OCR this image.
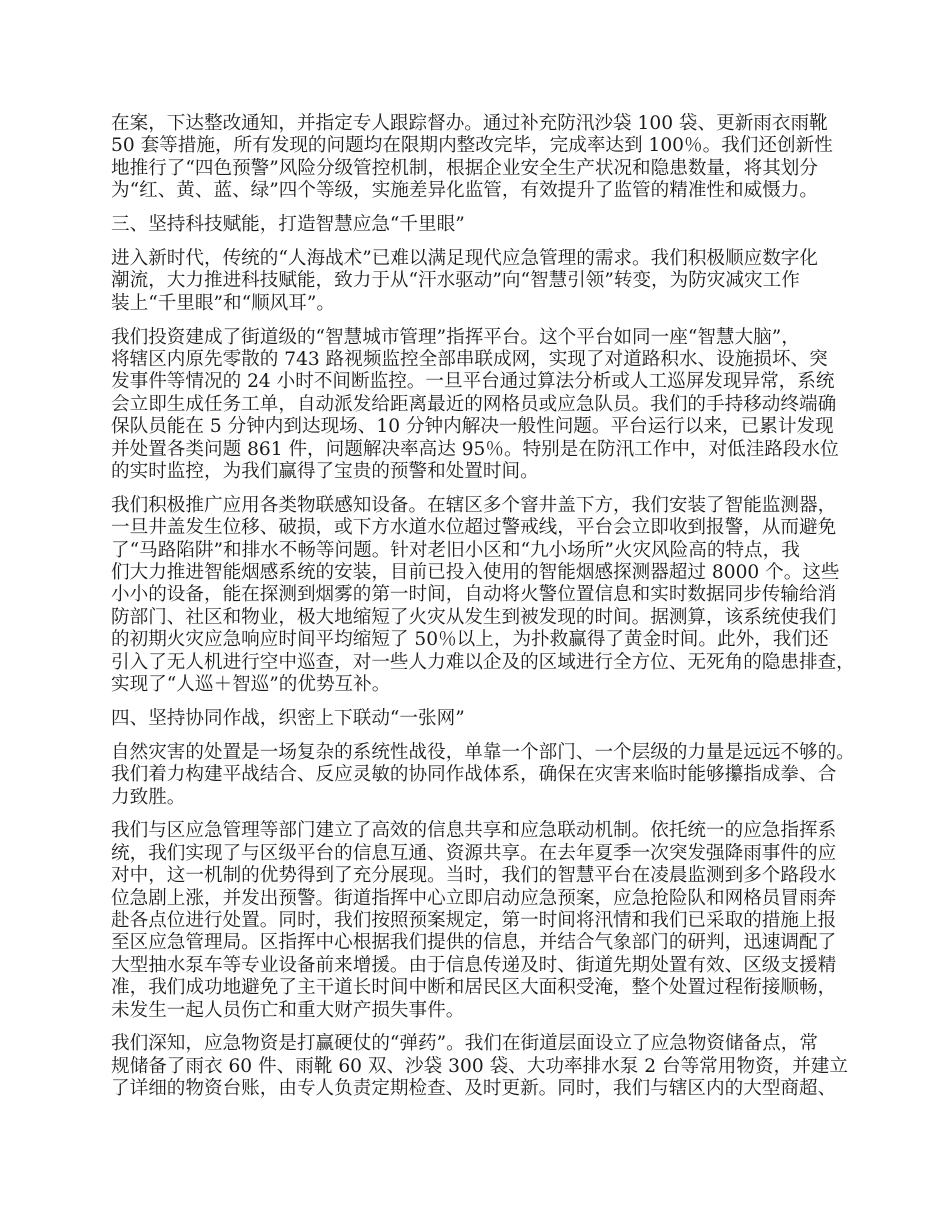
在案，下达整改通知，并指定专人跟踪督办。通过补充防汛沙袋 100 袋、更新雨衣雨靴
50 套等措施，所有发现的问题均在限期内整改完毕，完成率达到 100％。我们还创新性
地推行了“四色预警”风险分级管控机制，根据企业安全生产状况和隐患数量，将其划分
为“红、黄、蓝、绿”四个等级，实施差异化监管，有效提升了监管的精准性和威慑力。
三、坚持科技赋能，打造智慧应急“千里眼”
进入新时代，传统的“人海战术”已难以满足现代应急管理的需求。我们积极顺应数字化
潮流，大力推进科技赋能，致力于从“汗水驱动”向“智慧引领”转变，为防灾减灾工作
装上“千里眼”和“顺风耳”。
我们投资建成了街道级的“智慧城市管理”指挥平台。这个平台如同一座“智慧大脑”，
将辖区内原先零散的 743 路视频监控全部串联成网，实现了对道路积水、设施损坏、突
发事件等情况的 24 小时不间断监控。一旦平台通过算法分析或人工巡屏发现异常，系统
会立即生成任务工单，自动派发给距离最近的网格员或应急队员。我们的手持移动终端确
保队员能在 5 分钟内到达现场、10 分钟内解决一般性问题。平台运行以来，已累计发现
并处置各类问题 861 件，问题解决率高达 95％。特别是在防汛工作中，对低洼路段水位
的实时监控，为我们赢得了宝贵的预警和处置时间。
我们积极推广应用各类物联感知设备。在辖区多个窨井盖下方，我们安装了智能监测器，
一旦井盖发生位移、破损，或下方水道水位超过警戒线，平台会立即收到报警，从而避免
了“马路陷阱”和排水不畅等问题。针对老旧小区和“九小场所”火灾风险高的特点，我
们大力推进智能烟感系统的安装，目前已投入使用的智能烟感探测器超过 8000 个。这些
小小的设备，能在探测到烟雾的第一时间，自动将火警位置信息和实时数据同步传输给消
防部门、社区和物业，极大地缩短了火灾从发生到被发现的时间。据测算，该系统使我们
的初期火灾应急响应时间平均缩短了 50％以上，为扑救赢得了黄金时间。此外，我们还
引入了无人机进行空中巡查，对一些人力难以企及的区域进行全方位、无死角的隐患排查，
实现了“人巡＋智巡”的优势互补。
四、坚持协同作战，织密上下联动“一张网”
自然灾害的处置是一场复杂的系统性战役，单靠一个部门、一个层级的力量是远远不够的。
我们着力构建平战结合、反应灵敏的协同作战体系，确保在灾害来临时能够攥指成拳、合
力致胜。
我们与区应急管理等部门建立了高效的信息共享和应急联动机制。依托统一的应急指挥系
统，我们实现了与区级平台的信息互通、资源共享。在去年夏季一次突发强降雨事件的应
对中，这一机制的优势得到了充分展现。当时，我们的智慧平台在凌晨监测到多个路段水
位急剧上涨，并发出预警。街道指挥中心立即启动应急预案，应急抢险队和网格员冒雨奔
赴各点位进行处置。同时，我们按照预案规定，第一时间将汛情和我们已采取的措施上报
至区应急管理局。区指挥中心根据我们提供的信息，并结合气象部门的研判，迅速调配了
大型抽水泵车等专业设备前来增援。由于信息传递及时、街道先期处置有效、区级支援精
准，我们成功地避免了主干道长时间中断和居民区大面积受淹，整个处置过程衔接顺畅，
未发生一起人员伤亡和重大财产损失事件。
我们深知，应急物资是打赢硬仗的“弹药”。我们在街道层面设立了应急物资储备点，常
规储备了雨衣 60 件、雨靴 60 双、沙袋 300 袋、大功率排水泵 2 台等常用物资，并建立
了详细的物资台账，由专人负责定期检查、及时更新。同时，我们与辖区内的大型商超、
